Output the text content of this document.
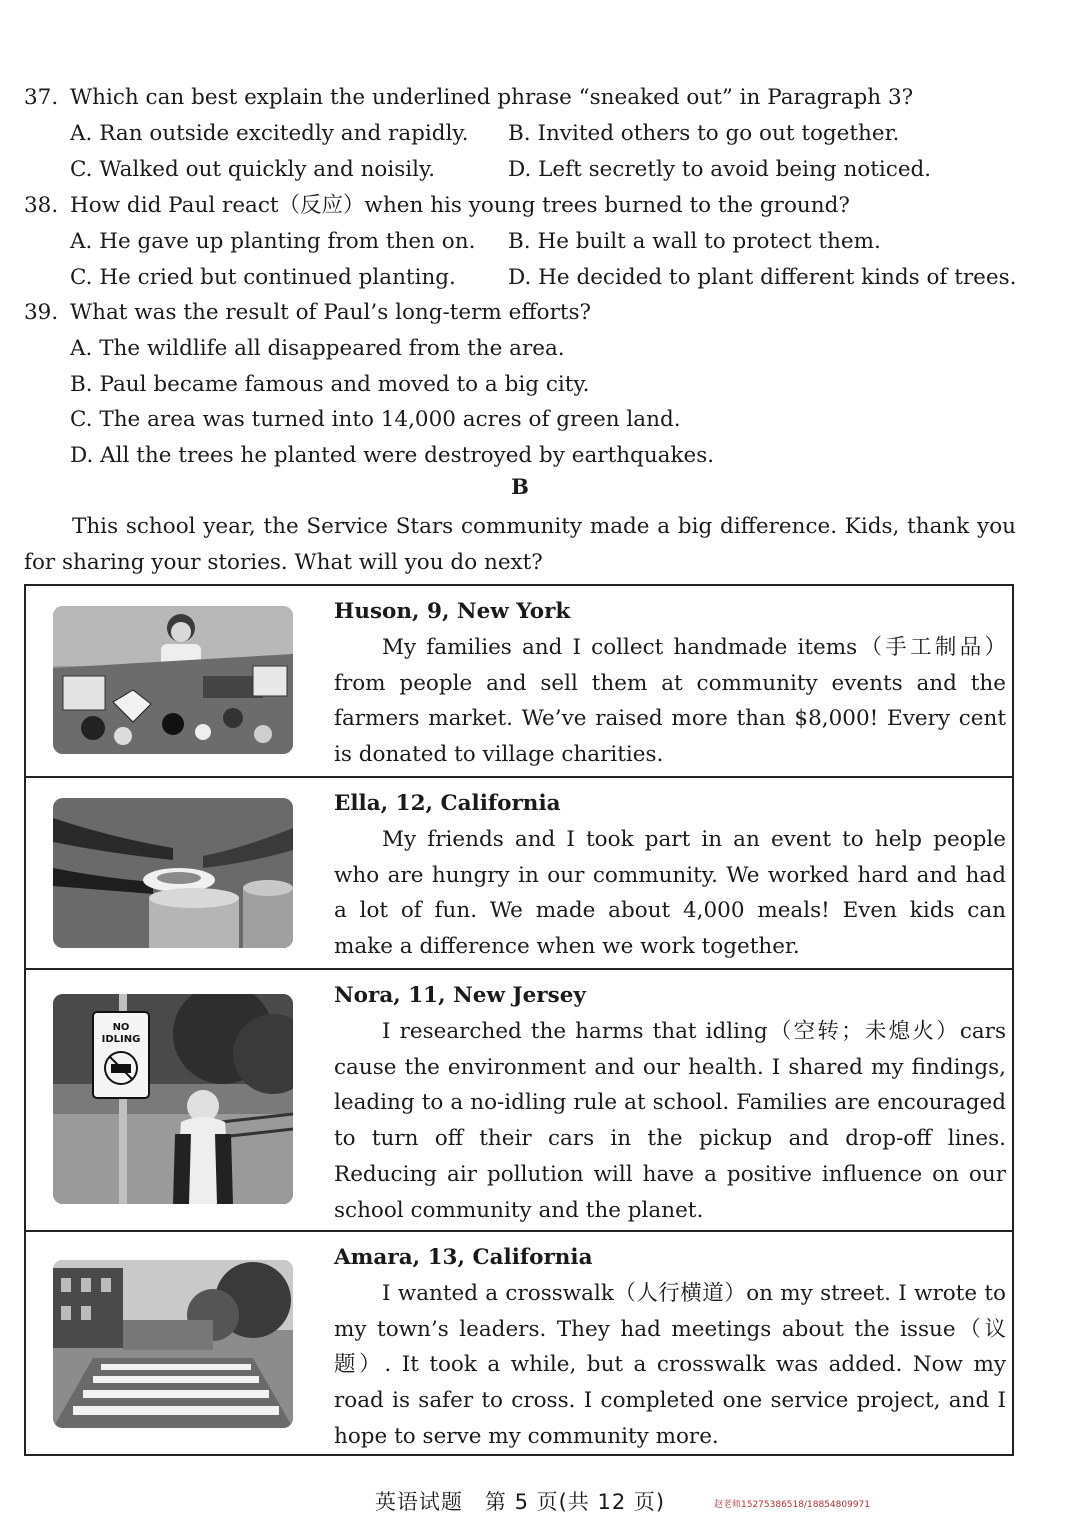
37. Which can best explain the underlined phrase “sneaked out” in Paragraph 3?
A. Ran outside excitedly and rapidly. B. Invited others to go out together.
C. Walked out quickly and noisily.	D. Left secretly to avoid being noticed.
38. How did Paul react（反应）when his young trees burned to the ground?
A. He gave up planting from then on. B. He built a wall to protect them.
C. He cried but continued planting. D. He decided to plant different kinds of trees.
39. What was the result of Paul’s long-term efforts?
A. The wildlife all disappeared from the area.
B. Paul became famous and moved to a big city.
C. The area was turned into 14,000 acres of green land.
D. All the trees he planted were destroyed by earthquakes.
B

This school year, the Service Stars community made a big difference. Kids, thank you for sharing your stories. What will you do next?

Huson, 9, New York

My families and I collect handmade items（手工制品）from people and sell them at community events and the farmers market. We’ve raised more than $8,000! Every cent is donated to village charities.

Ella, 12, California

My friends and I took part in an event to help people who are hungry in our community. We worked hard and had a lot of fun. We made about 4,000 meals! Even kids can make a difference when we work together.

NO
IDLING
Nora, 11, New Jersey

I researched the harms that idling（空转；未熄火）cars cause the environment and our health. I shared my findings, leading to a no-idling rule at school. Families are encouraged to turn off their cars in the pickup and drop-off lines. Reducing air pollution will have a positive influence on our school community and the planet.

Amara, 13, California

I wanted a crosswalk（人行横道）on my street. I wrote to my town’s leaders. They had meetings about the issue（议题）. It took a while, but a crosswalk was added. Now my road is safer to cross. I completed one service project, and I hope to serve my community more.

英语试题　第 5 页(共 12 页)	赵老师15275386518/18854809971
